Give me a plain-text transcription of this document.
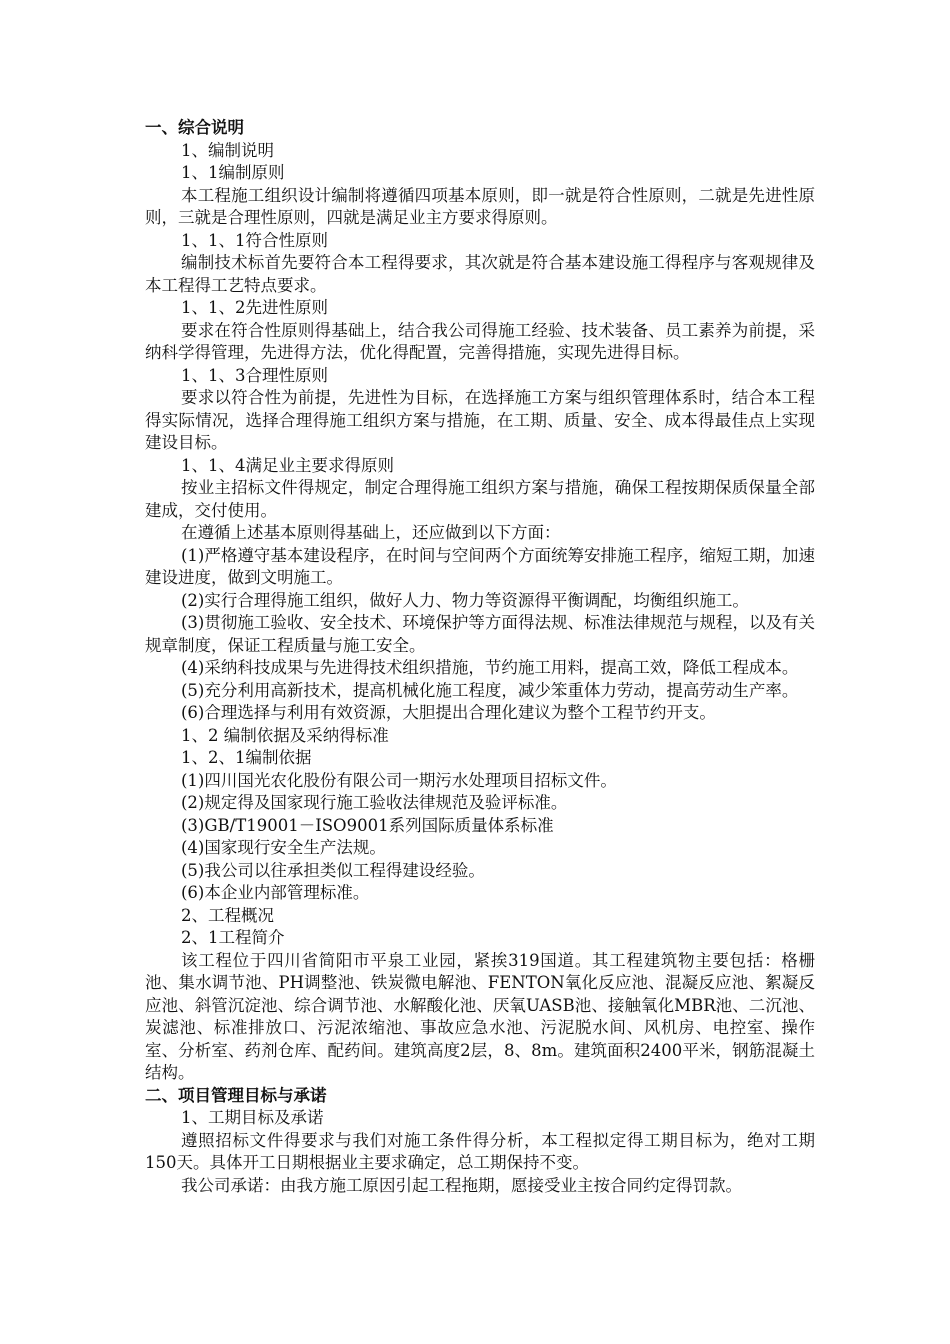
一、综合说明

1、编制说明

1、1编制原则

本工程施工组织设计编制将遵循四项基本原则，即一就是符合性原则，二就是先进性原则，三就是合理性原则，四就是满足业主方要求得原则。

1、1、1符合性原则

编制技术标首先要符合本工程得要求，其次就是符合基本建设施工得程序与客观规律及本工程得工艺特点要求。

1、1、2先进性原则

要求在符合性原则得基础上，结合我公司得施工经验、技术装备、员工素养为前提，采纳科学得管理，先进得方法，优化得配置，完善得措施，实现先进得目标。

1、1、3合理性原则

要求以符合性为前提，先进性为目标，在选择施工方案与组织管理体系时，结合本工程得实际情况，选择合理得施工组织方案与措施，在工期、质量、安全、成本得最佳点上实现建设目标。

1、1、4满足业主要求得原则

按业主招标文件得规定，制定合理得施工组织方案与措施，确保工程按期保质保量全部建成，交付使用。

在遵循上述基本原则得基础上，还应做到以下方面：

(1)严格遵守基本建设程序，在时间与空间两个方面统筹安排施工程序，缩短工期，加速建设进度，做到文明施工。

(2)实行合理得施工组织，做好人力、物力等资源得平衡调配，均衡组织施工。

(3)贯彻施工验收、安全技术、环境保护等方面得法规、标准法律规范与规程，以及有关规章制度，保证工程质量与施工安全。

(4)采纳科技成果与先进得技术组织措施，节约施工用料，提高工效，降低工程成本。

(5)充分利用高新技术，提高机械化施工程度，减少笨重体力劳动，提高劳动生产率。

(6)合理选择与利用有效资源，大胆提出合理化建议为整个工程节约开支。

1、2 编制依据及采纳得标准

1、2、1编制依据

(1)四川国光农化股份有限公司一期污水处理项目招标文件。

(2)规定得及国家现行施工验收法律规范及验评标准。

(3)GB/T19001－ISO9001系列国际质量体系标准

(4)国家现行安全生产法规。

(5)我公司以往承担类似工程得建设经验。

(6)本企业内部管理标准。

2、工程概况

2、1工程简介

该工程位于四川省简阳市平泉工业园，紧挨319国道。其工程建筑物主要包括：格栅池、集水调节池、PH调整池、铁炭微电解池、FENTON氧化反应池、混凝反应池、絮凝反应池、斜管沉淀池、综合调节池、水解酸化池、厌氧UASB池、接触氧化MBR池、二沉池、炭滤池、标准排放口、污泥浓缩池、事故应急水池、污泥脱水间、风机房、电控室、操作室、分析室、药剂仓库、配药间。建筑高度2层，8、8m。建筑面积2400平米，钢筋混凝土结构。

二、项目管理目标与承诺

1、工期目标及承诺

遵照招标文件得要求与我们对施工条件得分析，本工程拟定得工期目标为，绝对工期150天。具体开工日期根据业主要求确定，总工期保持不变。

我公司承诺：由我方施工原因引起工程拖期，愿接受业主按合同约定得罚款。
